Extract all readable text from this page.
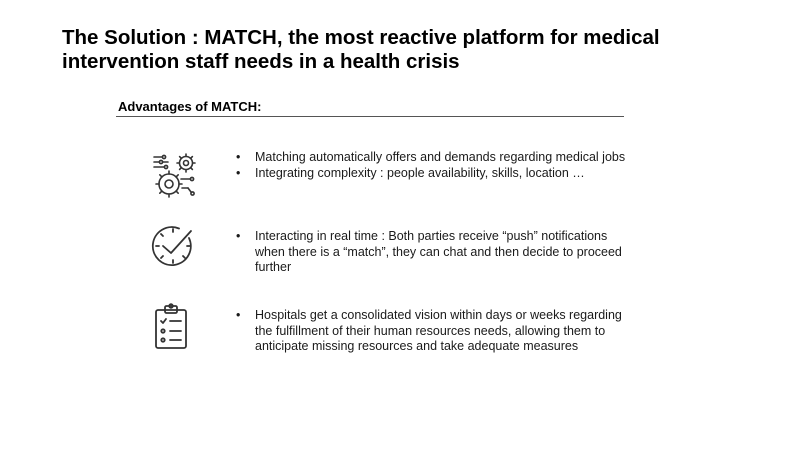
The Solution : MATCH, the most reactive platform for medical
intervention staff needs in a health crisis
Advantages of MATCH:
• Matching automatically offers and demands regarding medical jobs
• Integrating complexity : people availability, skills, location …
• Interacting in real time : Both parties receive “push” notifications when there is a “match”, they can chat and then decide to proceed further
• Hospitals get a consolidated vision within days or weeks regarding the fulfillment of their human resources needs, allowing them to anticipate missing resources and take adequate measures
